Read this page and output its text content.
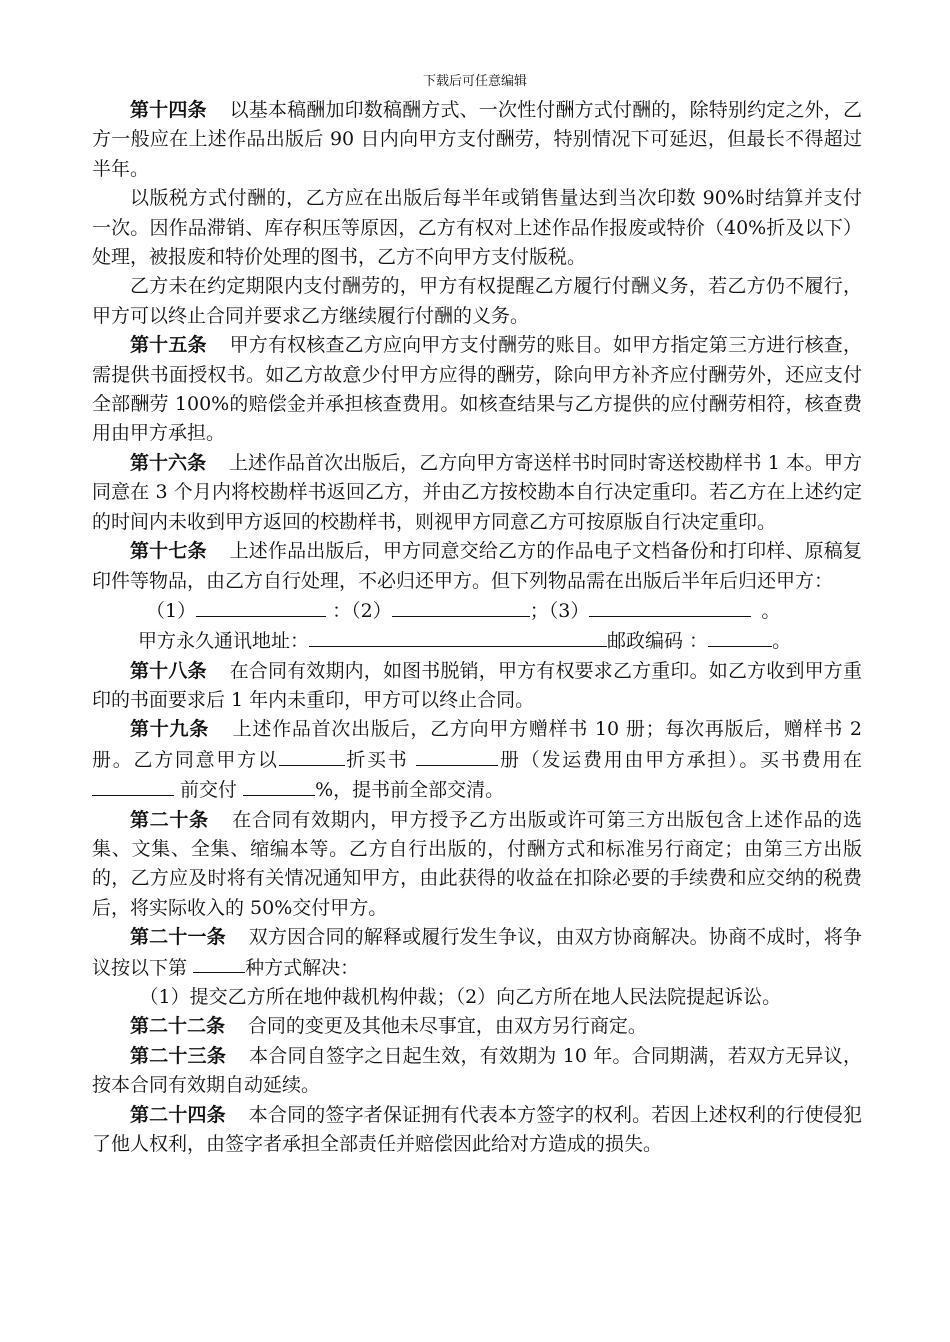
下载后可任意编辑

第十四条 以基本稿酬加印数稿酬方式、一次性付酬方式付酬的，除特别约定之外，乙方一般应在上述作品出版后 90 日内向甲方支付酬劳，特别情况下可延迟，但最长不得超过半年。

以版税方式付酬的，乙方应在出版后每半年或销售量达到当次印数 90%时结算并支付一次。因作品滞销、库存积压等原因，乙方有权对上述作品作报废或特价（40%折及以下）处理，被报废和特价处理的图书，乙方不向甲方支付版税。

乙方未在约定期限内支付酬劳的，甲方有权提醒乙方履行付酬义务，若乙方仍不履行，甲方可以终止合同并要求乙方继续履行付酬的义务。

第十五条 甲方有权核查乙方应向甲方支付酬劳的账目。如甲方指定第三方进行核查，需提供书面授权书。如乙方故意少付甲方应得的酬劳，除向甲方补齐应付酬劳外，还应支付全部酬劳 100%的赔偿金并承担核查费用。如核查结果与乙方提供的应付酬劳相符，核查费用由甲方承担。

第十六条 上述作品首次出版后，乙方向甲方寄送样书时同时寄送校勘样书 1 本。甲方同意在 3 个月内将校勘样书返回乙方，并由乙方按校勘本自行决定重印。若乙方在上述约定的时间内未收到甲方返回的校勘样书，则视甲方同意乙方可按原版自行决定重印。

第十七条 上述作品出版后，甲方同意交给乙方的作品电子文档备份和打印样、原稿复印件等物品，由乙方自行处理，不必归还甲方。但下列物品需在出版后半年后归还甲方：

（1）	：（2）	；（3）	。

甲方永久通讯地址：	邮政编码 ：	。

第十八条 在合同有效期内，如图书脱销，甲方有权要求乙方重印。如乙方收到甲方重印的书面要求后 1 年内未重印，甲方可以终止合同。

第十九条 上述作品首次出版后，乙方向甲方赠样书 10 册；每次再版后，赠样书 2 册。乙方同意甲方以	折买书	册（发运费用由甲方承担）。买书费用在 前交付	%，提书前全部交清。

第二十条 在合同有效期内，甲方授予乙方出版或许可第三方出版包含上述作品的选集、文集、全集、缩编本等。乙方自行出版的，付酬方式和标准另行商定；由第三方出版的，乙方应及时将有关情况通知甲方，由此获得的收益在扣除必要的手续费和应交纳的税费后，将实际收入的 50%交付甲方。

第二十一条 双方因合同的解释或履行发生争议，由双方协商解决。协商不成时，将争议按以下第	种方式解决：

（1）提交乙方所在地仲裁机构仲裁；（2）向乙方所在地人民法院提起诉讼。

第二十二条 合同的变更及其他未尽事宜，由双方另行商定。

第二十三条 本合同自签字之日起生效，有效期为 10 年。合同期满，若双方无异议，按本合同有效期自动延续。

第二十四条 本合同的签字者保证拥有代表本方签字的权利。若因上述权利的行使侵犯了他人权利，由签字者承担全部责任并赔偿因此给对方造成的损失。
